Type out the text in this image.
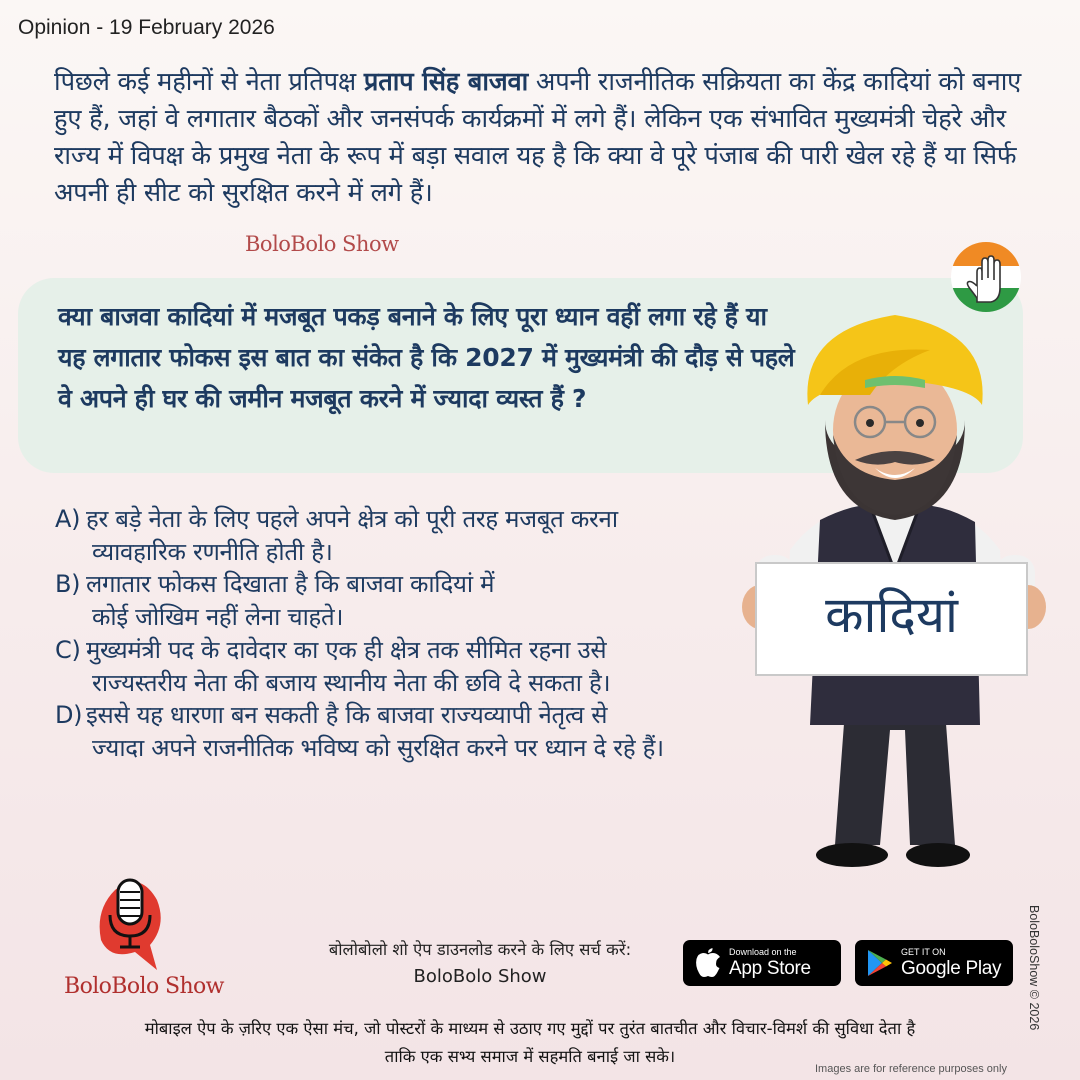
Opinion - 19 February 2026
पिछले कई महीनों से नेता प्रतिपक्ष प्रताप सिंह बाजवा अपनी राजनीतिक सक्रियता का केंद्र कादियां को बनाए हुए हैं, जहां वे लगातार बैठकों और जनसंपर्क कार्यक्रमों में लगे हैं। लेकिन एक संभावित मुख्यमंत्री चेहरे और राज्य में विपक्ष के प्रमुख नेता के रूप में बड़ा सवाल यह है कि क्या वे पूरे पंजाब की पारी खेल रहे हैं या सिर्फ अपनी ही सीट को सुरक्षित करने में लगे हैं।
BoloBolo Show
क्या बाजवा कादियां में मजबूत पकड़ बनाने के लिए पूरा ध्यान वहीं लगा रहे हैं या यह लगातार फोकस इस बात का संकेत है कि 2027 में मुख्यमंत्री की दौड़ से पहले वे अपने ही घर की जमीन मजबूत करने में ज्यादा व्यस्त हैं ?
A) हर बड़े नेता के लिए पहले अपने क्षेत्र को पूरी तरह मजबूत करना
व्यावहारिक रणनीति होती है।
B) लगातार फोकस दिखाता है कि बाजवा कादियां में
कोई जोखिम नहीं लेना चाहते।
C) मुख्यमंत्री पद के दावेदार का एक ही क्षेत्र तक सीमित रहना उसे
राज्यस्तरीय नेता की बजाय स्थानीय नेता की छवि दे सकता है।
D) इससे यह धारणा बन सकती है कि बाजवा राज्यव्यापी नेतृत्व से
ज्यादा अपने राजनीतिक भविष्य को सुरक्षित करने पर ध्यान दे रहे हैं।
कादियां
BoloBolo Show
बोलोबोलो शो ऐप डाउनलोड करने के लिए सर्च करें:
BoloBolo Show
Download on the
App Store
GET IT ON
Google Play
मोबाइल ऐप के ज़रिए एक ऐसा मंच, जो पोस्टरों के माध्यम से उठाए गए मुद्दों पर तुरंत बातचीत और विचार-विमर्श की सुविधा देता है
ताकि एक सभ्य समाज में सहमति बनाई जा सके।
BoloBoloShow © 2026
Images are for reference purposes only
